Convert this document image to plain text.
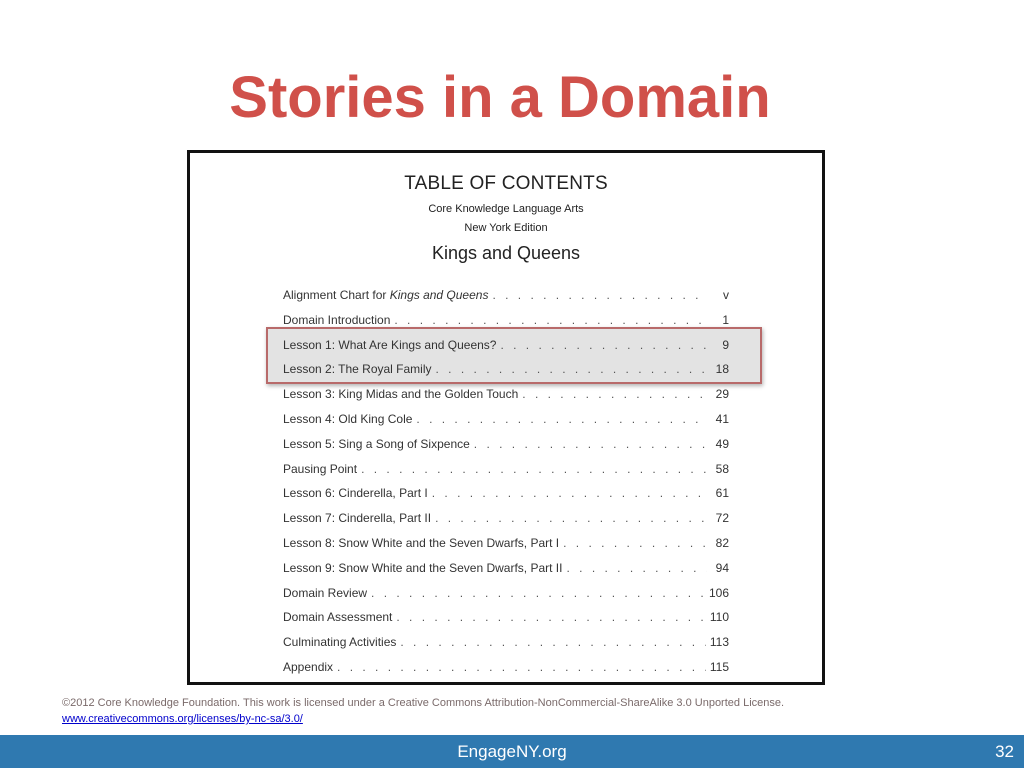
Stories in a Domain
TABLE OF CONTENTS
Core Knowledge Language Arts
New York Edition
Kings and Queens
Alignment Chart for Kings and Queens . . .	v
Domain Introduction . . .	1
Lesson 1: What Are Kings and Queens? . . .	9
Lesson 2: The Royal Family . . .	18
Lesson 3: King Midas and the Golden Touch . . .	29
Lesson 4: Old King Cole . . .	41
Lesson 5: Sing a Song of Sixpence . . .	49
Pausing Point . . .	58
Lesson 6: Cinderella, Part I . . .	61
Lesson 7: Cinderella, Part II . . .	72
Lesson 8: Snow White and the Seven Dwarfs, Part I . . .	82
Lesson 9: Snow White and the Seven Dwarfs, Part II . . .	94
Domain Review . . .	106
Domain Assessment . . .	110
Culminating Activities . . .	113
Appendix . . .	115
©2012 Core Knowledge Foundation. This work is licensed under a Creative Commons Attribution-NonCommercial-ShareAlike 3.0 Unported License.
www.creativecommons.org/licenses/by-nc-sa/3.0/
EngageNY.org	32
